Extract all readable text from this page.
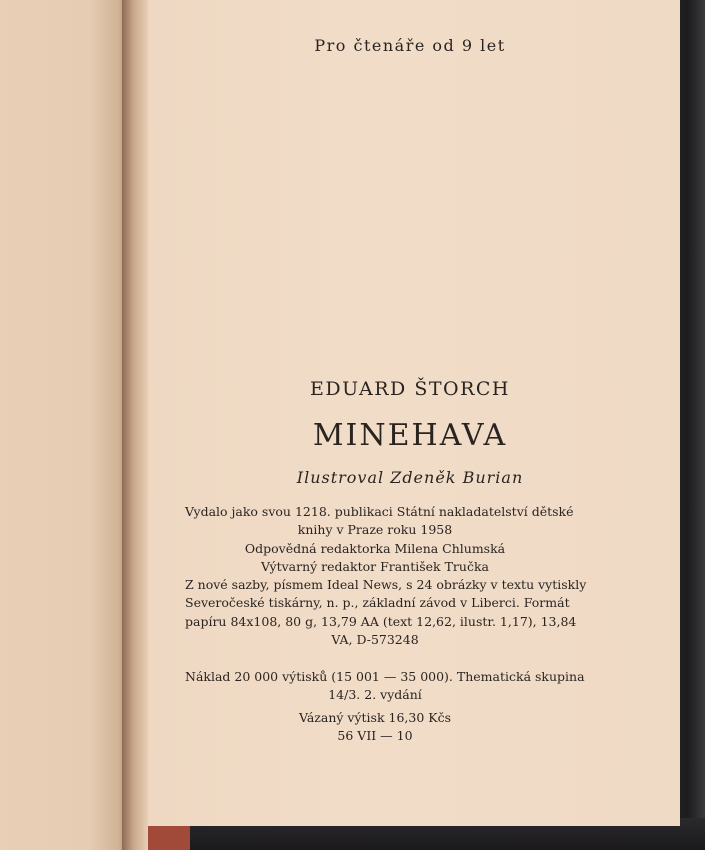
Pro čtenáře od 9 let
EDUARD ŠTORCH
MINEHAVA
Ilustroval Zdeněk Burian
Vydalo jako svou 1218. publikaci Státní nakladatelství dětské
knihy v Praze roku 1958
Odpovědná redaktorka Milena Chlumská
Výtvarný redaktor František Tručka
Z nové sazby, písmem Ideal News, s 24 obrázky v textu vytiskly
Severočeské tiskárny, n. p., základní závod v Liberci. Formát
papíru 84x108, 80 g, 13,79 AA (text 12,62, ilustr. 1,17), 13,84
VA, D-573248
Náklad 20 000 výtisků (15 001 — 35 000). Thematická skupina
14/3. 2. vydání
Vázaný výtisk 16,30 Kčs
56 VII — 10
